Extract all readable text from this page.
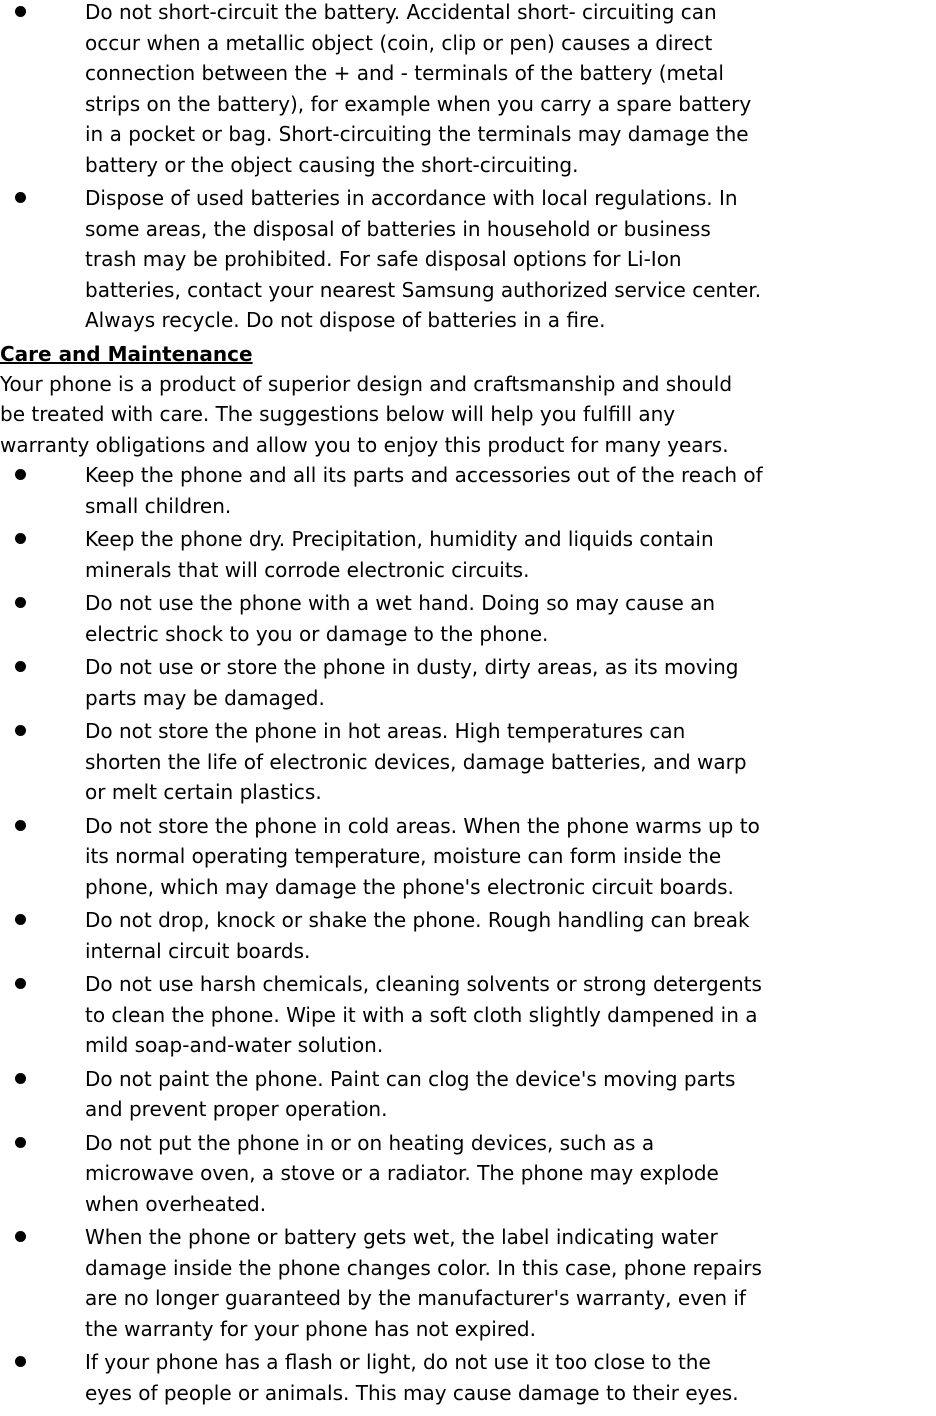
Do not short-circuit the battery. Accidental short- circuiting can
occur when a metallic object (coin, clip or pen) causes a direct
connection between the + and - terminals of the battery (metal
strips on the battery), for example when you carry a spare battery
in a pocket or bag. Short-circuiting the terminals may damage the
battery or the object causing the short-circuiting.
Dispose of used batteries in accordance with local regulations. In
some areas, the disposal of batteries in household or business
trash may be prohibited. For safe disposal options for Li-Ion
batteries, contact your nearest Samsung authorized service center.
Always recycle. Do not dispose of batteries in a fire.
Care and Maintenance
Your phone is a product of superior design and craftsmanship and should
be treated with care. The suggestions below will help you fulfill any
warranty obligations and allow you to enjoy this product for many years.
Keep the phone and all its parts and accessories out of the reach of
small children.
Keep the phone dry. Precipitation, humidity and liquids contain
minerals that will corrode electronic circuits.
Do not use the phone with a wet hand. Doing so may cause an
electric shock to you or damage to the phone.
Do not use or store the phone in dusty, dirty areas, as its moving
parts may be damaged.
Do not store the phone in hot areas. High temperatures can
shorten the life of electronic devices, damage batteries, and warp
or melt certain plastics.
Do not store the phone in cold areas. When the phone warms up to
its normal operating temperature, moisture can form inside the
phone, which may damage the phone's electronic circuit boards.
Do not drop, knock or shake the phone. Rough handling can break
internal circuit boards.
Do not use harsh chemicals, cleaning solvents or strong detergents
to clean the phone. Wipe it with a soft cloth slightly dampened in a
mild soap-and-water solution.
Do not paint the phone. Paint can clog the device's moving parts
and prevent proper operation.
Do not put the phone in or on heating devices, such as a
microwave oven, a stove or a radiator. The phone may explode
when overheated.
When the phone or battery gets wet, the label indicating water
damage inside the phone changes color. In this case, phone repairs
are no longer guaranteed by the manufacturer's warranty, even if
the warranty for your phone has not expired.
If your phone has a flash or light, do not use it too close to the
eyes of people or animals. This may cause damage to their eyes.
